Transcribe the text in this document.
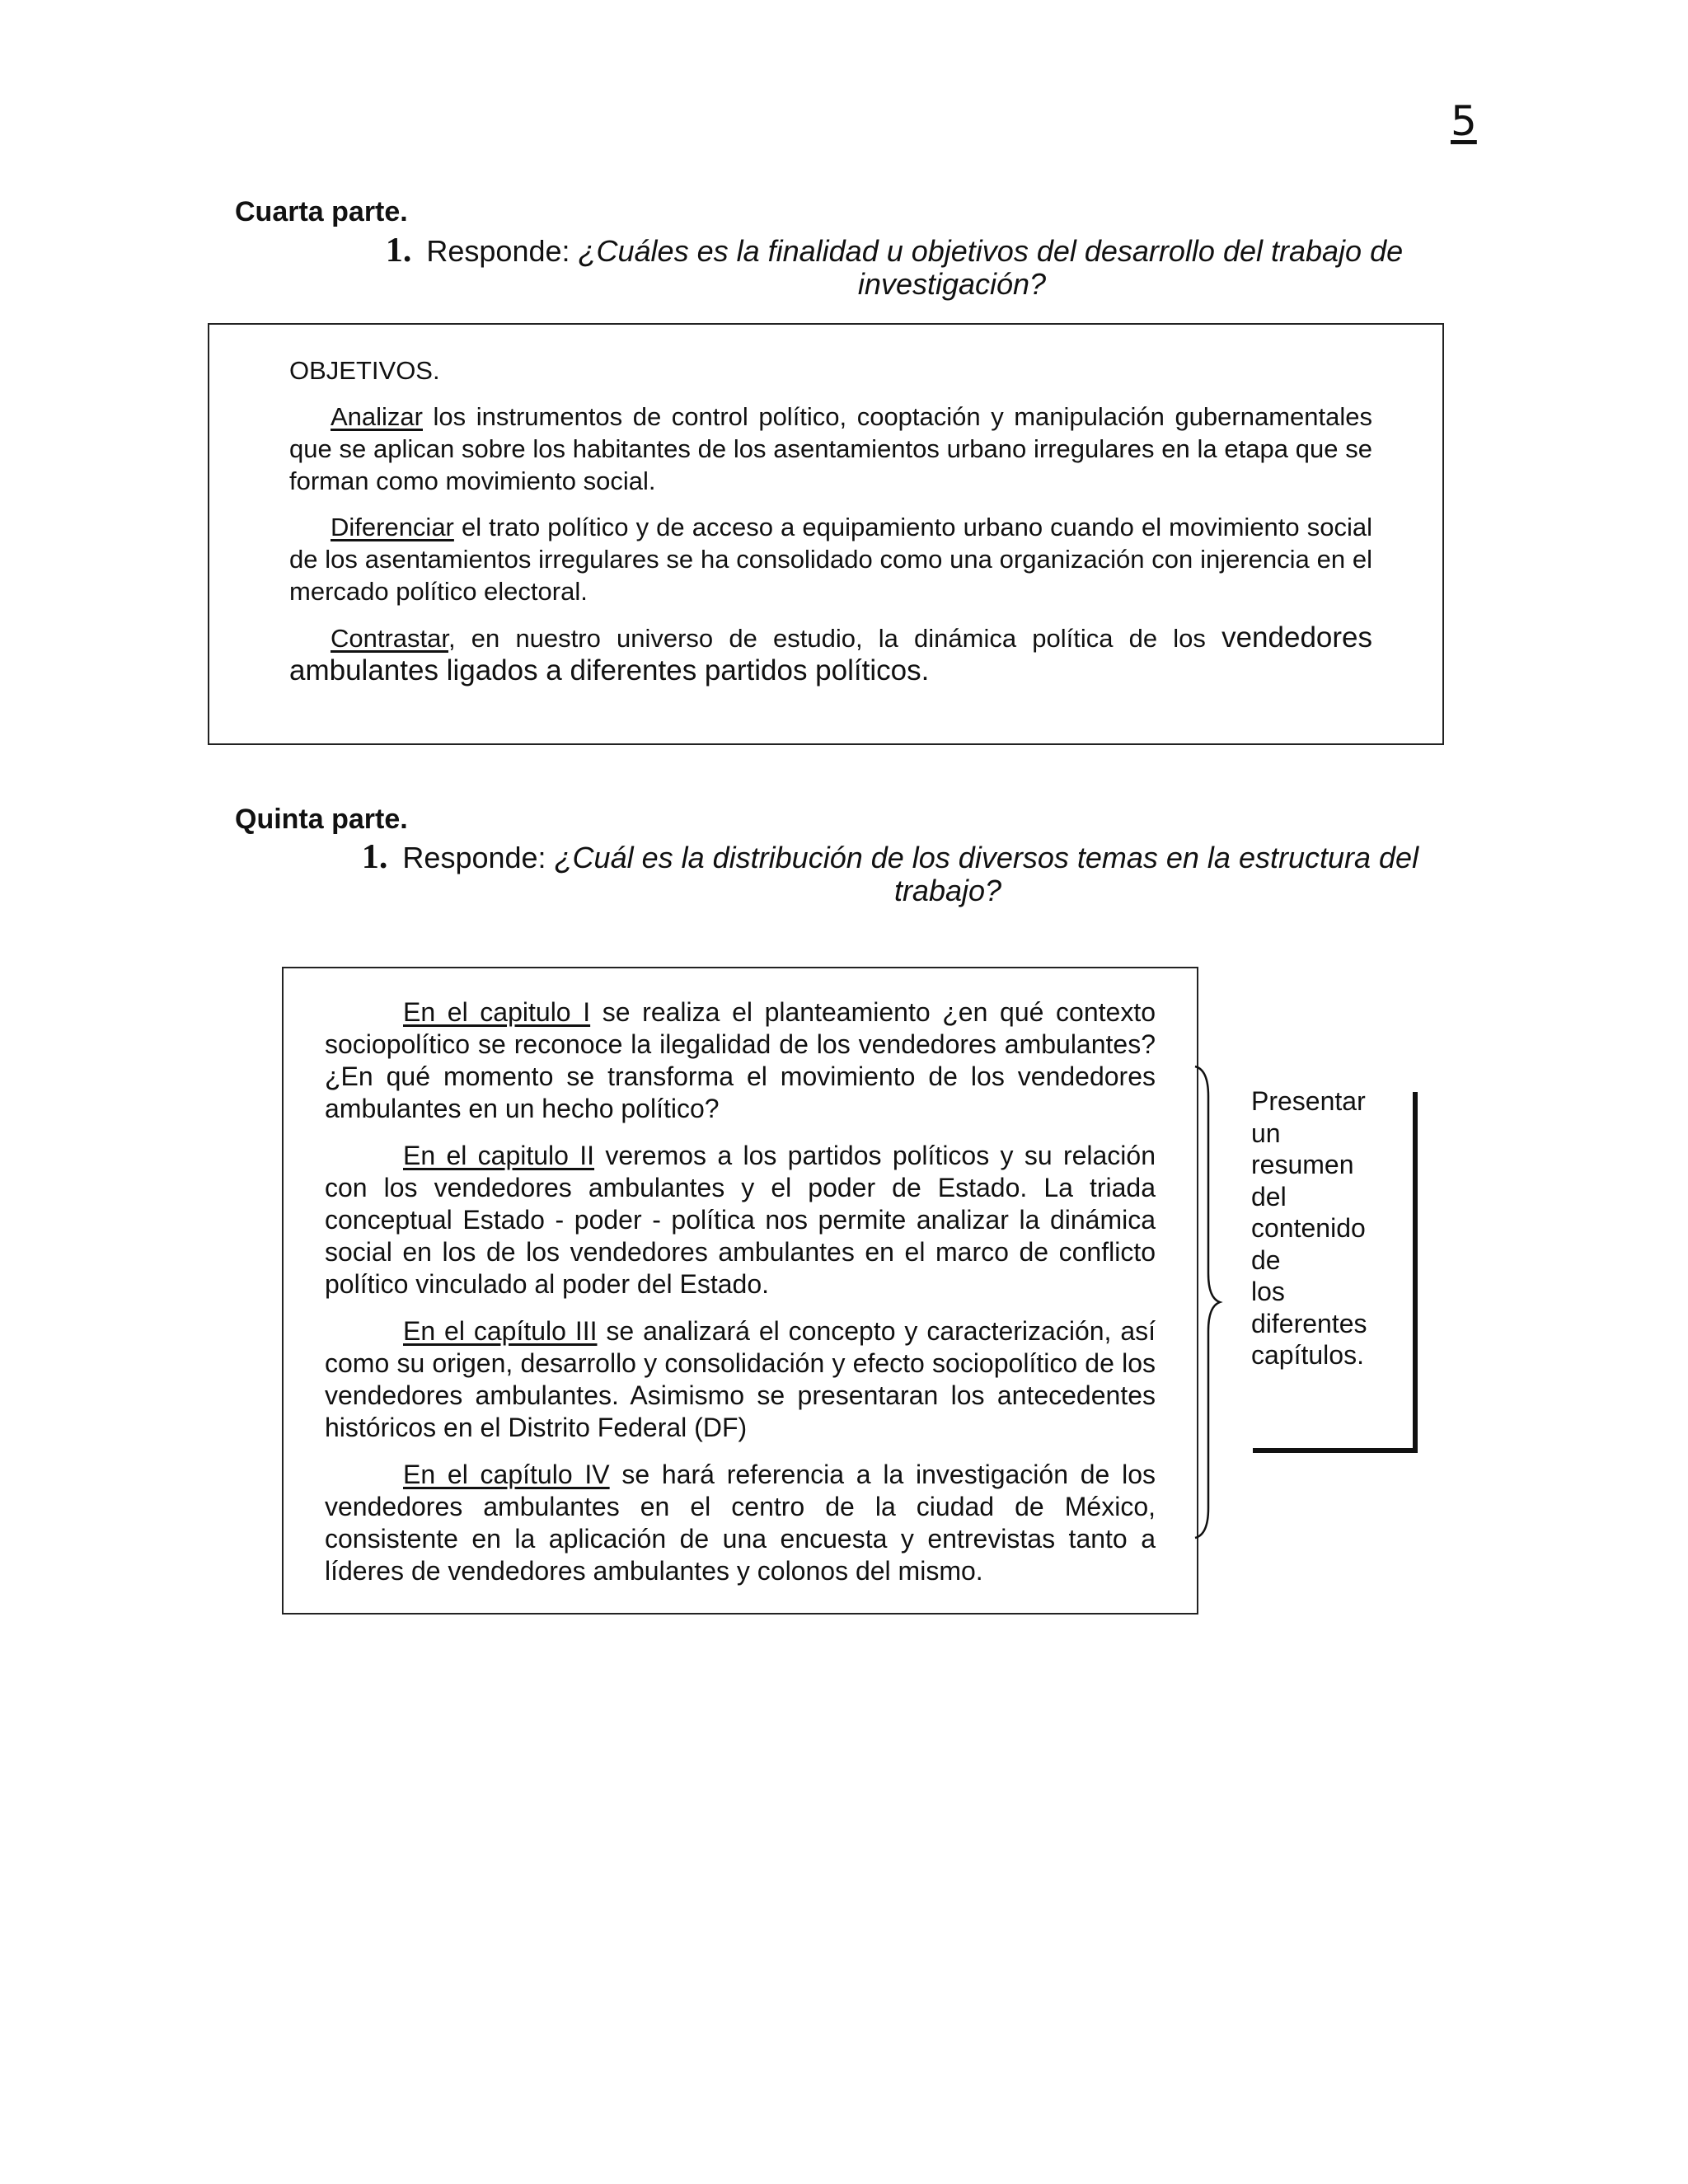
5
Cuarta parte.
1. Responde: ¿Cuáles es la finalidad u objetivos del desarrollo del trabajo de
investigación?

OBJETIVOS.

Analizar los instrumentos de control político, cooptación y manipulación gubernamentales que se aplican sobre los habitantes de los asentamientos urbano irregulares en la etapa que se forman como movimiento social.

Diferenciar el trato político y de acceso a equipamiento urbano cuando el movimiento social de los asentamientos irregulares se ha consolidado como una organización con injerencia en el mercado político electoral.

Contrastar, en nuestro universo de estudio, la dinámica política de los vendedores ambulantes ligados a diferentes partidos políticos.

Quinta parte.
1. Responde: ¿Cuál es la distribución de los diversos temas en la estructura del
trabajo?

En el capitulo I se realiza el planteamiento ¿en qué contexto sociopolítico se reconoce la ilegalidad de los vendedores ambulantes? ¿En qué momento se transforma el movimiento de los vendedores ambulantes en un hecho político?

En el capitulo II veremos a los partidos políticos y su relación con los vendedores ambulantes y el poder de Estado. La triada conceptual Estado - poder - política nos permite analizar la dinámica social en los de los vendedores ambulantes en el marco de conflicto político vinculado al poder del Estado.

En el capítulo III se analizará el concepto y caracterización, así como su origen, desarrollo y consolidación y efecto sociopolítico de los vendedores ambulantes. Asimismo se presentaran los antecedentes históricos en el Distrito Federal (DF)

En el capítulo IV se hará referencia a la investigación de los vendedores ambulantes en el centro de la ciudad de México, consistente en la aplicación de una encuesta y entrevistas tanto a líderes de vendedores ambulantes y colonos del mismo.

Presentar
un
resumen
del
contenido
de
los
diferentes
capítulos.
